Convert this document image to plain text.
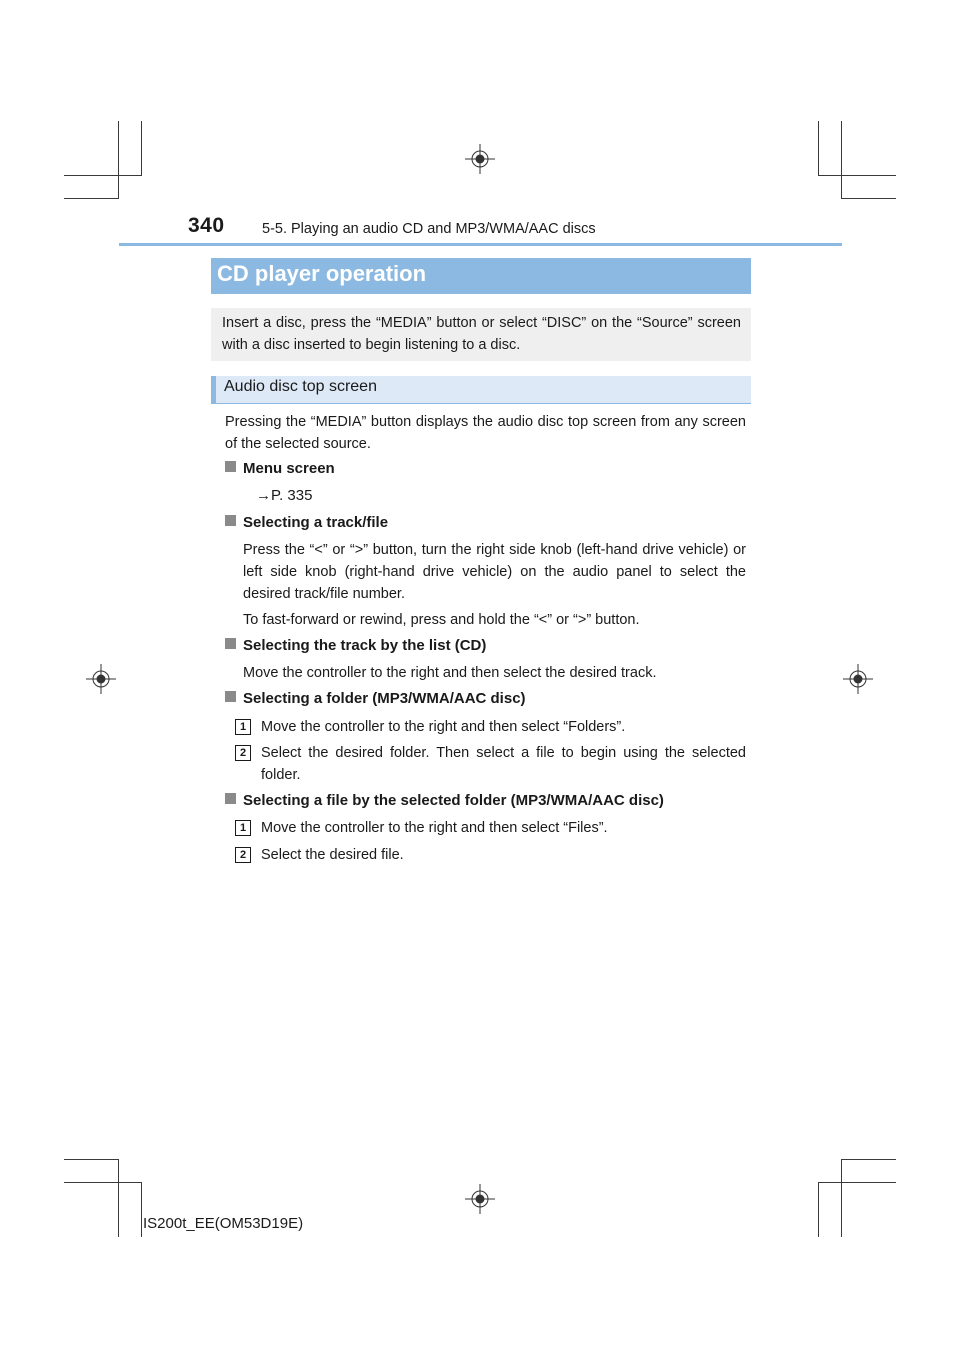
340	5-5. Playing an audio CD and MP3/WMA/AAC discs
CD player operation
Insert a disc, press the “MEDIA” button or select “DISC” on the “Source” screen with a disc inserted to begin listening to a disc.
Audio disc top screen
Pressing the “MEDIA” button displays the audio disc top screen from any screen of the selected source.
Menu screen
→P. 335
Selecting a track/file
Press the “<” or “>” button, turn the right side knob (left-hand drive vehicle) or left side knob (right-hand drive vehicle) on the audio panel to select the desired track/file number.
To fast-forward or rewind, press and hold the “<” or “>” button.
Selecting the track by the list (CD)
Move the controller to the right and then select the desired track.
Selecting a folder (MP3/WMA/AAC disc)
1	Move the controller to the right and then select “Folders”.
2	Select the desired folder. Then select a file to begin using the selected folder.
Selecting a file by the selected folder (MP3/WMA/AAC disc)
1	Move the controller to the right and then select “Files”.
2	Select the desired file.
IS200t_EE(OM53D19E)
